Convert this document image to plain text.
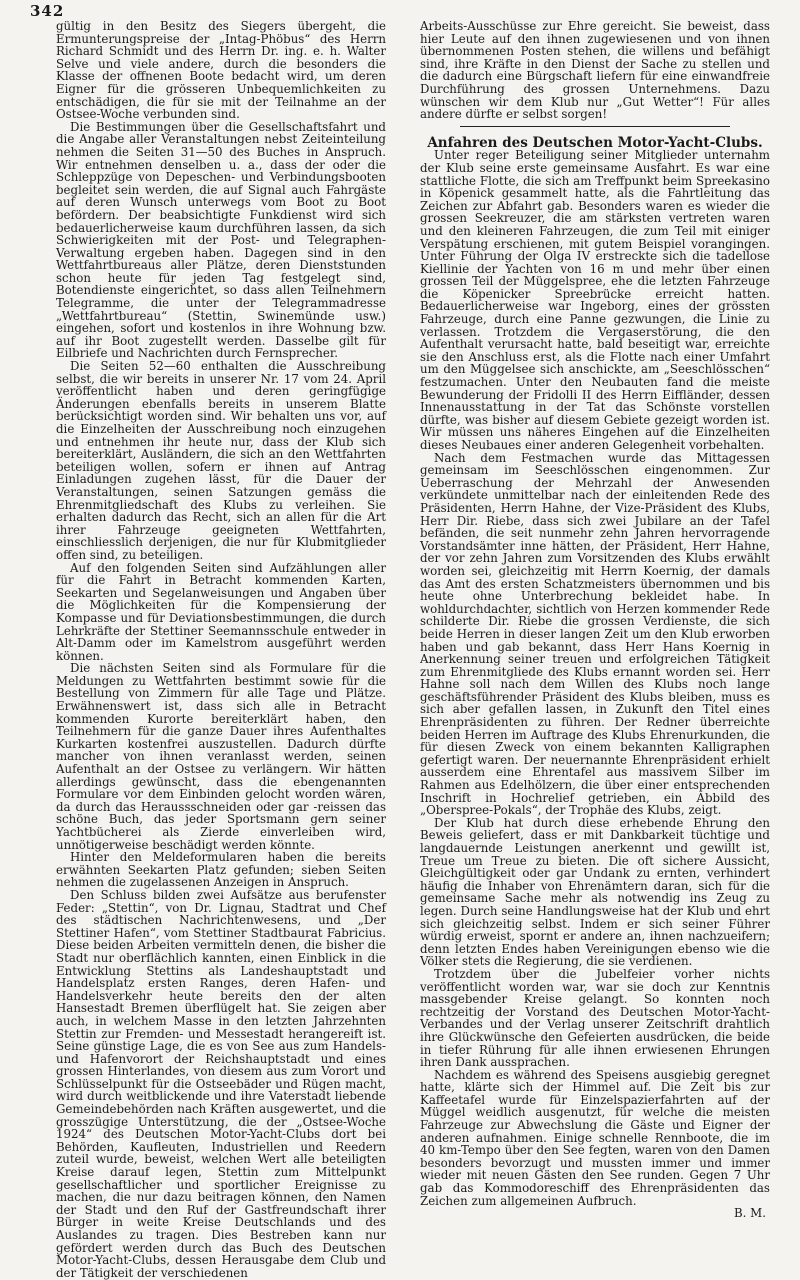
342

gültig in den Besitz des Siegers übergeht, die Ermunterungspreise der „Intag-Phöbus“ des Herrn Richard Schmidt und des Herrn Dr. ing. e. h. Walter Selve und viele andere, durch die besonders die Klasse der offnenen Boote bedacht wird, um deren Eigner für die grösseren Unbequemlichkeiten zu entschädigen, die für sie mit der Teilnahme an der Ostsee-Woche verbunden sind.

Die Bestimmungen über die Gesellschaftsfahrt und die Angabe aller Veranstaltungen nebst Zeiteinteilung nehmen die Seiten 31—50 des Buches in Anspruch. Wir entnehmen denselben u. a., dass der oder die Schleppzüge von Depeschen- und Verbindungsbooten begleitet sein werden, die auf Signal auch Fahrgäste auf deren Wunsch unterwegs vom Boot zu Boot befördern. Der beabsichtigte Funkdienst wird sich bedauerlicherweise kaum durchführen lassen, da sich Schwierigkeiten mit der Post- und Telegraphen-Verwaltung ergeben haben. Dagegen sind in den Wettfahrtbureaus aller Plätze, deren Dienststunden schon heute für jeden Tag festgelegt sind, Botendienste eingerichtet, so dass allen Teilnehmern Telegramme, die unter der Telegrammadresse „Wettfahrtbureau“ (Stettin, Swinemünde usw.) eingehen, sofort und kostenlos in ihre Wohnung bzw. auf ihr Boot zugestellt werden. Dasselbe gilt für Eilbriefe und Nachrichten durch Fernsprecher.

Die Seiten 52—60 enthalten die Ausschreibung selbst, die wir bereits in unserer Nr. 17 vom 24. April veröffentlicht haben und deren geringfügige Änderungen ebenfalls bereits in unserem Blatte berücksichtigt worden sind. Wir behalten uns vor, auf die Einzelheiten der Ausschreibung noch einzugehen und entnehmen ihr heute nur, dass der Klub sich bereiterklärt, Ausländern, die sich an den Wettfahrten beteiligen wollen, sofern er ihnen auf Antrag Einladungen zugehen lässt, für die Dauer der Veranstaltungen, seinen Satzungen gemäss die Ehrenmitgliedschaft des Klubs zu verleihen. Sie erhalten dadurch das Recht, sich an allen für die Art ihrer Fahrzeuge geeigneten Wettfahrten, einschliesslich derjenigen, die nur für Klubmitglieder offen sind, zu beteiligen.

Auf den folgenden Seiten sind Aufzählungen aller für die Fahrt in Betracht kommenden Karten, Seekarten und Segelanweisungen und Angaben über die Möglichkeiten für die Kompensierung der Kompasse und für Deviationsbestimmungen, die durch Lehrkräfte der Stettiner Seemannsschule entweder in Alt-Damm oder im Kamelstrom ausgeführt werden können.

Die nächsten Seiten sind als Formulare für die Meldungen zu Wettfahrten bestimmt sowie für die Bestellung von Zimmern für alle Tage und Plätze. Erwähnenswert ist, dass sich alle in Betracht kommenden Kurorte bereiterklärt haben, den Teilnehmern für die ganze Dauer ihres Aufenthaltes Kurkarten kostenfrei auszustellen. Dadurch dürfte mancher von ihnen veranlasst werden, seinen Aufenthalt an der Ostsee zu verlängern. Wir hätten allerdings gewünscht, dass die ebengenannten Formulare vor dem Einbinden gelocht worden wären, da durch das Heraussschneiden oder gar -reissen das schöne Buch, das jeder Sportsmann gern seiner Yachtbücherei als Zierde einverleiben wird, unnötigerweise beschädigt werden könnte.

Hinter den Meldeformularen haben die bereits erwähnten Seekarten Platz gefunden; sieben Seiten nehmen die zugelassenen Anzeigen in Anspruch.

Den Schluss bilden zwei Aufsätze aus berufenster Feder: „Stettin“, von Dr. Lignau, Stadtrat und Chef des städtischen Nachrichtenwesens, und „Der Stettiner Hafen“, vom Stettiner Stadtbaurat Fabricius. Diese beiden Arbeiten vermitteln denen, die bisher die Stadt nur oberflächlich kannten, einen Einblick in die Entwicklung Stettins als Landeshauptstadt und Handelsplatz ersten Ranges, deren Hafen- und Handelsverkehr heute bereits den der alten Hansestadt Bremen überflügelt hat. Sie zeigen aber auch, in welchem Masse in den letzten Jahrzehnten Stettin zur Fremden- und Messestadt herangereift ist. Seine günstige Lage, die es von See aus zum Handels- und Hafenvorort der Reichshauptstadt und eines grossen Hinterlandes, von diesem aus zum Vorort und Schlüsselpunkt für die Ostseebäder und Rügen macht, wird durch weitblickende und ihre Vaterstadt liebende Gemeindebehörden nach Kräften ausgewertet, und die grosszügige Unterstützung, die der „Ostsee-Woche 1924“ des Deutschen Motor-Yacht-Clubs dort bei Behörden, Kaufleuten, Industriellen und Reedern zuteil wurde, beweist, welchen Wert alle beteiligten Kreise darauf legen, Stettin zum Mittelpunkt gesellschaftlicher und sportlicher Ereignisse zu machen, die nur dazu beitragen können, den Namen der Stadt und den Ruf der Gastfreundschaft ihrer Bürger in weite Kreise Deutschlands und des Auslandes zu tragen. Dies Bestreben kann nur gefördert werden durch das Buch des Deutschen Motor-Yacht-Clubs, dessen Herausgabe dem Club und der Tätigkeit der verschiedenen

Arbeits-Ausschüsse zur Ehre gereicht. Sie beweist, dass hier Leute auf den ihnen zugewiesenen und von ihnen übernommenen Posten stehen, die willens und befähigt sind, ihre Kräfte in den Dienst der Sache zu stellen und die dadurch eine Bürgschaft liefern für eine einwandfreie Durchführung des grossen Unternehmens. Dazu wünschen wir dem Klub nur „Gut Wetter“! Für alles andere dürfte er selbst sorgen!

Anfahren des Deutschen Motor-Yacht-Clubs.

Unter reger Beteiligung seiner Mitglieder unternahm der Klub seine erste gemeinsame Ausfahrt. Es war eine stattliche Flotte, die sich am Treffpunkt beim Spreekasino in Köpenick gesammelt hatte, als die Fahrtleitung das Zeichen zur Abfahrt gab. Besonders waren es wieder die grossen Seekreuzer, die am stärksten vertreten waren und den kleineren Fahrzeugen, die zum Teil mit einiger Verspätung erschienen, mit gutem Beispiel vorangingen. Unter Führung der Olga IV erstreckte sich die tadellose Kiellinie der Yachten von 16 m und mehr über einen grossen Teil der Müggelspree, ehe die letzten Fahrzeuge die Köpenicker Spreebrücke erreicht hatten. Bedauerlicherweise war Ingeborg, eines der grössten Fahrzeuge, durch eine Panne gezwungen, die Linie zu verlassen. Trotzdem die Vergaserstörung, die den Aufenthalt verursacht hatte, bald beseitigt war, erreichte sie den Anschluss erst, als die Flotte nach einer Umfahrt um den Müggelsee sich anschickte, am „Seeschlösschen“ festzumachen. Unter den Neubauten fand die meiste Bewunderung der Fridolli II des Herrn Eiffländer, dessen Innenausstattung in der Tat das Schönste vorstellen dürfte, was bisher auf diesem Gebiete gezeigt worden ist. Wir müssen uns näheres Eingehen auf die Einzelheiten dieses Neubaues einer anderen Gelegenheit vorbehalten.

Nach dem Festmachen wurde das Mittagessen gemeinsam im Seeschlösschen eingenommen. Zur Ueberraschung der Mehrzahl der Anwesenden verkündete unmittelbar nach der einleitenden Rede des Präsidenten, Herrn Hahne, der Vize-Präsident des Klubs, Herr Dir. Riebe, dass sich zwei Jubilare an der Tafel befänden, die seit nunmehr zehn Jahren hervorragende Vorstandsämter inne hätten, der Präsident, Herr Hahne, der vor zehn Jahren zum Vorsitzenden des Klubs erwählt worden sei, gleichzeitig mit Herrn Koernig, der damals das Amt des ersten Schatzmeisters übernommen und bis heute ohne Unterbrechung bekleidet habe. In wohldurchdachter, sichtlich von Herzen kommender Rede schilderte Dir. Riebe die grossen Verdienste, die sich beide Herren in dieser langen Zeit um den Klub erworben haben und gab bekannt, dass Herr Hans Koernig in Anerkennung seiner treuen und erfolgreichen Tätigkeit zum Ehrenmitgliede des Klubs ernannt worden sei. Herr Hahne soll nach dem Willen des Klubs noch lange geschäftsführender Präsident des Klubs bleiben, muss es sich aber gefallen lassen, in Zukunft den Titel eines Ehrenpräsidenten zu führen. Der Redner überreichte beiden Herren im Auftrage des Klubs Ehrenurkunden, die für diesen Zweck von einem bekannten Kalligraphen gefertigt waren. Der neuernannte Ehrenpräsident erhielt ausserdem eine Ehrentafel aus massivem Silber im Rahmen aus Edelhölzern, die über einer entsprechenden Inschrift in Hochrelief getrieben, ein Abbild des „Oberspree-Pokals“, der Trophäe des Klubs, zeigt.

Der Klub hat durch diese erhebende Ehrung den Beweis geliefert, dass er mit Dankbarkeit tüchtige und langdauernde Leistungen anerkennt und gewillt ist, Treue um Treue zu bieten. Die oft sichere Aussicht, Gleichgültigkeit oder gar Undank zu ernten, verhindert häufig die Inhaber von Ehrenämtern daran, sich für die gemeinsame Sache mehr als notwendig ins Zeug zu legen. Durch seine Handlungsweise hat der Klub und ehrt sich gleichzeitig selbst. Indem er sich seiner Führer würdig erweist, spornt er andere an, ihnen nachzueifern; denn letzten Endes haben Vereinigungen ebenso wie die Völker stets die Regierung, die sie verdienen.

Trotzdem über die Jubelfeier vorher nichts veröffentlicht worden war, war sie doch zur Kenntnis massgebender Kreise gelangt. So konnten noch rechtzeitig der Vorstand des Deutschen Motor-Yacht-Verbandes und der Verlag unserer Zeitschrift drahtlich ihre Glückwünsche den Gefeierten ausdrücken, die beide in tiefer Rührung für alle ihnen erwiesenen Ehrungen ihren Dank aussprachen.

Nachdem es während des Speisens ausgiebig geregnet hatte, klärte sich der Himmel auf. Die Zeit bis zur Kaffeetafel wurde für Einzelspazierfahrten auf der Müggel weidlich ausgenutzt, für welche die meisten Fahrzeuge zur Abwechslung die Gäste und Eigner der anderen aufnahmen. Einige schnelle Rennboote, die im 40 km-Tempo über den See fegten, waren von den Damen besonders bevorzugt und mussten immer und immer wieder mit neuen Gästen den See runden. Gegen 7 Uhr gab das Kommodoreschiff des Ehrenpräsidenten das Zeichen zum allgemeinen Aufbruch.

B. M.
